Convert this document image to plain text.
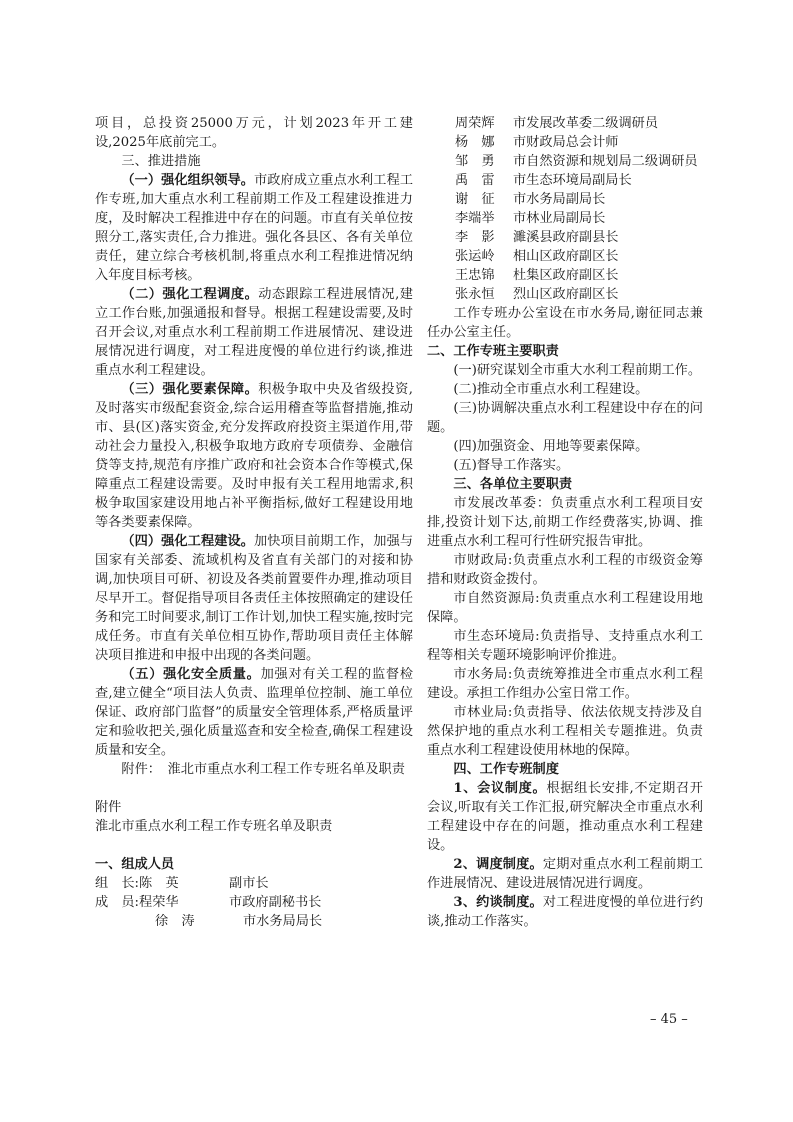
项目，总投资25000万元，计划2023年开工建设,2025年底前完工。

三、推进措施

（一）强化组织领导。市政府成立重点水利工程工作专班,加大重点水利工程前期工作及工程建设推进力度，及时解决工程推进中存在的问题。市直有关单位按照分工,落实责任,合力推进。强化各县区、各有关单位责任，建立综合考核机制,将重点水利工程推进情况纳入年度目标考核。

（二）强化工程调度。动态跟踪工程进展情况,建立工作台账,加强通报和督导。根据工程建设需要,及时召开会议,对重点水利工程前期工作进展情况、建设进展情况进行调度，对工程进度慢的单位进行约谈,推进重点水利工程建设。

（三）强化要素保障。积极争取中央及省级投资,及时落实市级配套资金,综合运用稽查等监督措施,推动市、县(区)落实资金,充分发挥政府投资主渠道作用,带动社会力量投入,积极争取地方政府专项债券、金融信贷等支持,规范有序推广政府和社会资本合作等模式,保障重点工程建设需要。及时申报有关工程用地需求,积极争取国家建设用地占补平衡指标,做好工程建设用地等各类要素保障。

（四）强化工程建设。加快项目前期工作，加强与国家有关部委、流域机构及省直有关部门的对接和协调,加快项目可研、初设及各类前置要件办理,推动项目尽早开工。督促指导项目各责任主体按照确定的建设任务和完工时间要求,制订工作计划,加快工程实施,按时完成任务。市直有关单位相互协作,帮助项目责任主体解决项目推进和申报中出现的各类问题。

（五）强化安全质量。加强对有关工程的监督检查,建立健全“项目法人负责、监理单位控制、施工单位保证、政府部门监督”的质量安全管理体系,严格质量评定和验收把关,强化质量巡查和安全检查,确保工程建设质量和安全。

附件：　淮北市重点水利工程工作专班名单及职责

附件

淮北市重点水利工程工作专班名单及职责

一、组成人员

组　长:陈　英	副市长

成　员:程荣华	市政府副秘书长

徐　涛	市水务局局长

周荣辉 市发展改革委二级调研员
杨　娜 市财政局总会计师
邹　勇 市自然资源和规划局二级调研员
禹　雷 市生态环境局副局长
谢　征 市水务局副局长
李端举 市林业局副局长
李　影 濉溪县政府副县长
张运岭 相山区政府副区长
王忠锦 杜集区政府副区长
张永恒 烈山区政府副区长

工作专班办公室设在市水务局,谢征同志兼任办公室主任。

二、工作专班主要职责

(一)研究谋划全市重大水利工程前期工作。

(二)推动全市重点水利工程建设。

(三)协调解决重点水利工程建设中存在的问题。

(四)加强资金、用地等要素保障。

(五)督导工作落实。

三、各单位主要职责

市发展改革委：负责重点水利工程项目安排,投资计划下达,前期工作经费落实,协调、推进重点水利工程可行性研究报告审批。

市财政局:负责重点水利工程的市级资金筹措和财政资金拨付。

市自然资源局:负责重点水利工程建设用地保障。

市生态环境局:负责指导、支持重点水利工程等相关专题环境影响评价推进。

市水务局:负责统筹推进全市重点水利工程建设。承担工作组办公室日常工作。

市林业局:负责指导、依法依规支持涉及自然保护地的重点水利工程相关专题推进。负责重点水利工程建设使用林地的保障。

四、工作专班制度

1、会议制度。根据组长安排,不定期召开会议,听取有关工作汇报,研究解决全市重点水利工程建设中存在的问题，推动重点水利工程建设。

2、调度制度。定期对重点水利工程前期工作进展情况、建设进展情况进行调度。

3、约谈制度。对工程进度慢的单位进行约谈,推动工作落实。

– 45 –
